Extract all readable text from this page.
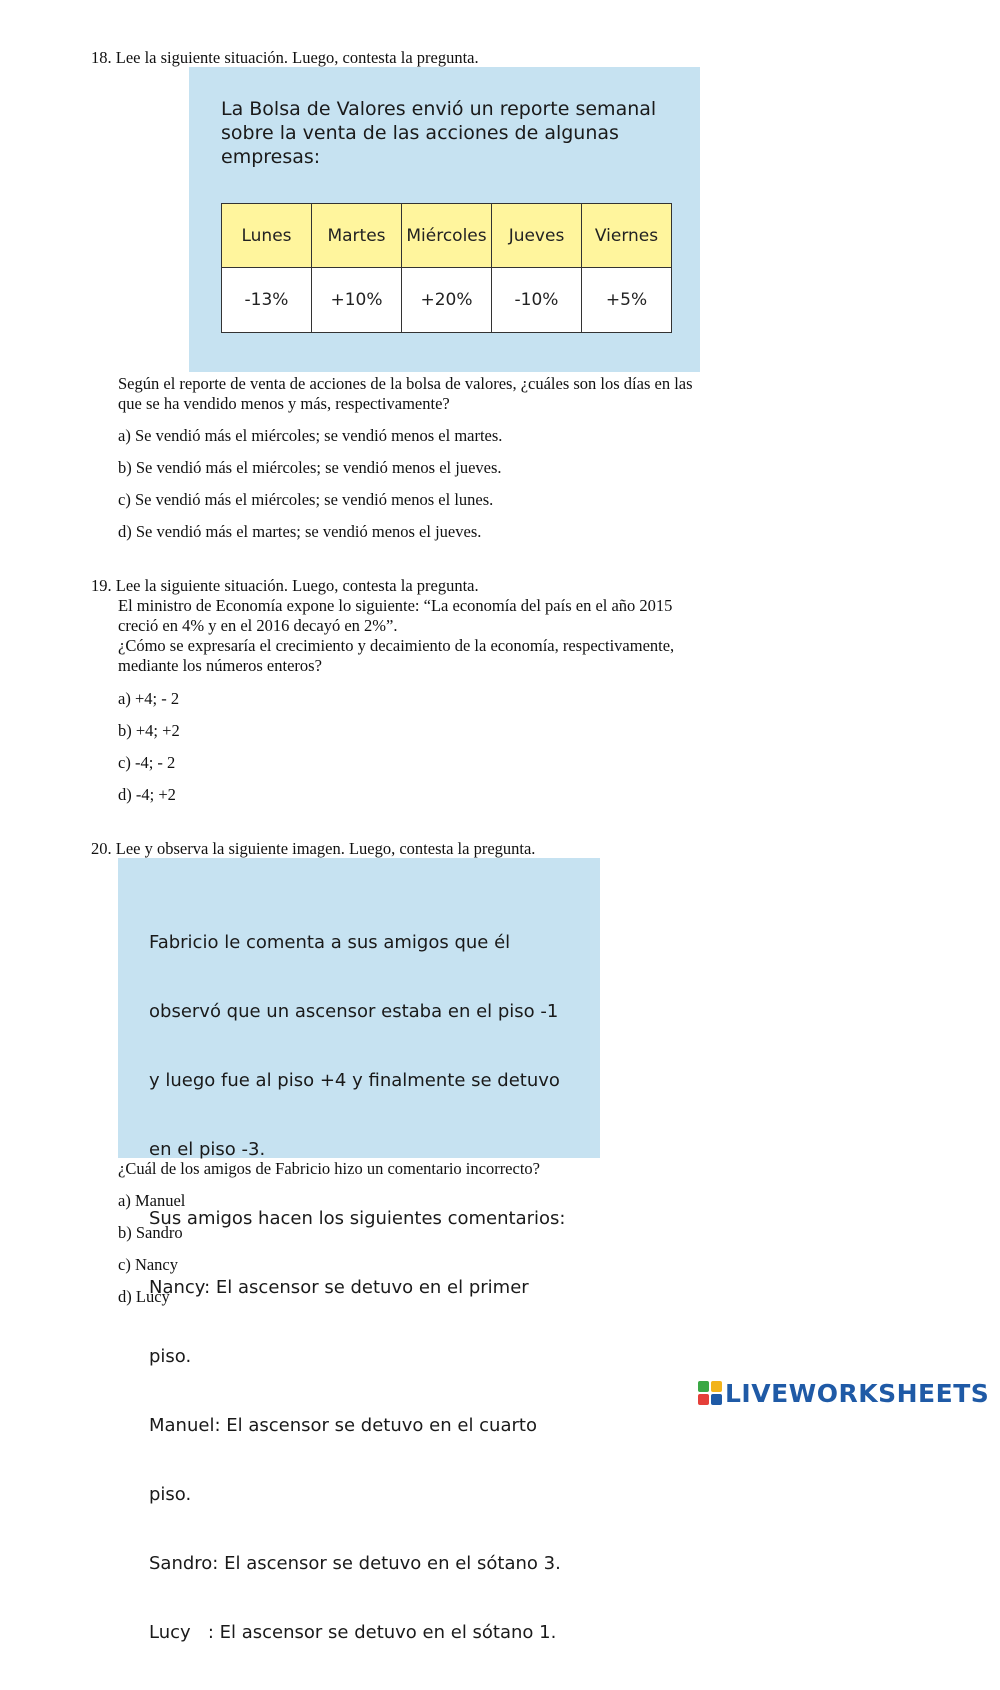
18. Lee la siguiente situación. Luego, contesta la pregunta.
La Bolsa de Valores envió un reporte semanal
sobre la venta de las acciones de algunas
empresas:
Lunes	Martes	Miércoles	Jueves	Viernes
-13%	+10%	+20%	-10%	+5%
Según el reporte de venta de acciones de la bolsa de valores, ¿cuáles son los días en las
que se ha vendido menos y más, respectivamente?
a) Se vendió más el miércoles; se vendió menos el martes.
b) Se vendió más el miércoles; se vendió menos el jueves.
c) Se vendió más el miércoles; se vendió menos el lunes.
d) Se vendió más el martes; se vendió menos el jueves.
19. Lee la siguiente situación. Luego, contesta la pregunta.
El ministro de Economía expone lo siguiente: “La economía del país en el año 2015
creció en 4% y en el 2016 decayó en 2%”.
¿Cómo se expresaría el crecimiento y decaimiento de la economía, respectivamente,
mediante los números enteros?
a) +4; - 2
b) +4; +2
c) -4; - 2
d) -4; +2
20. Lee y observa la siguiente imagen. Luego, contesta la pregunta.

Fabricio le comenta a sus amigos que él

observó que un ascensor estaba en el piso -1

y luego fue al piso +4 y finalmente se detuvo

en el piso -3.

Sus amigos hacen los siguientes comentarios:

Nancy: El ascensor se detuvo en el primer

piso.

Manuel: El ascensor se detuvo en el cuarto

piso.

Sandro: El ascensor se detuvo en el sótano 3.

Lucy   : El ascensor se detuvo en el sótano 1.

¿Cuál de los amigos de Fabricio hizo un comentario incorrecto?
a) Manuel
b) Sandro
c) Nancy
d) Lucy
LIVEWORKSHEETS
